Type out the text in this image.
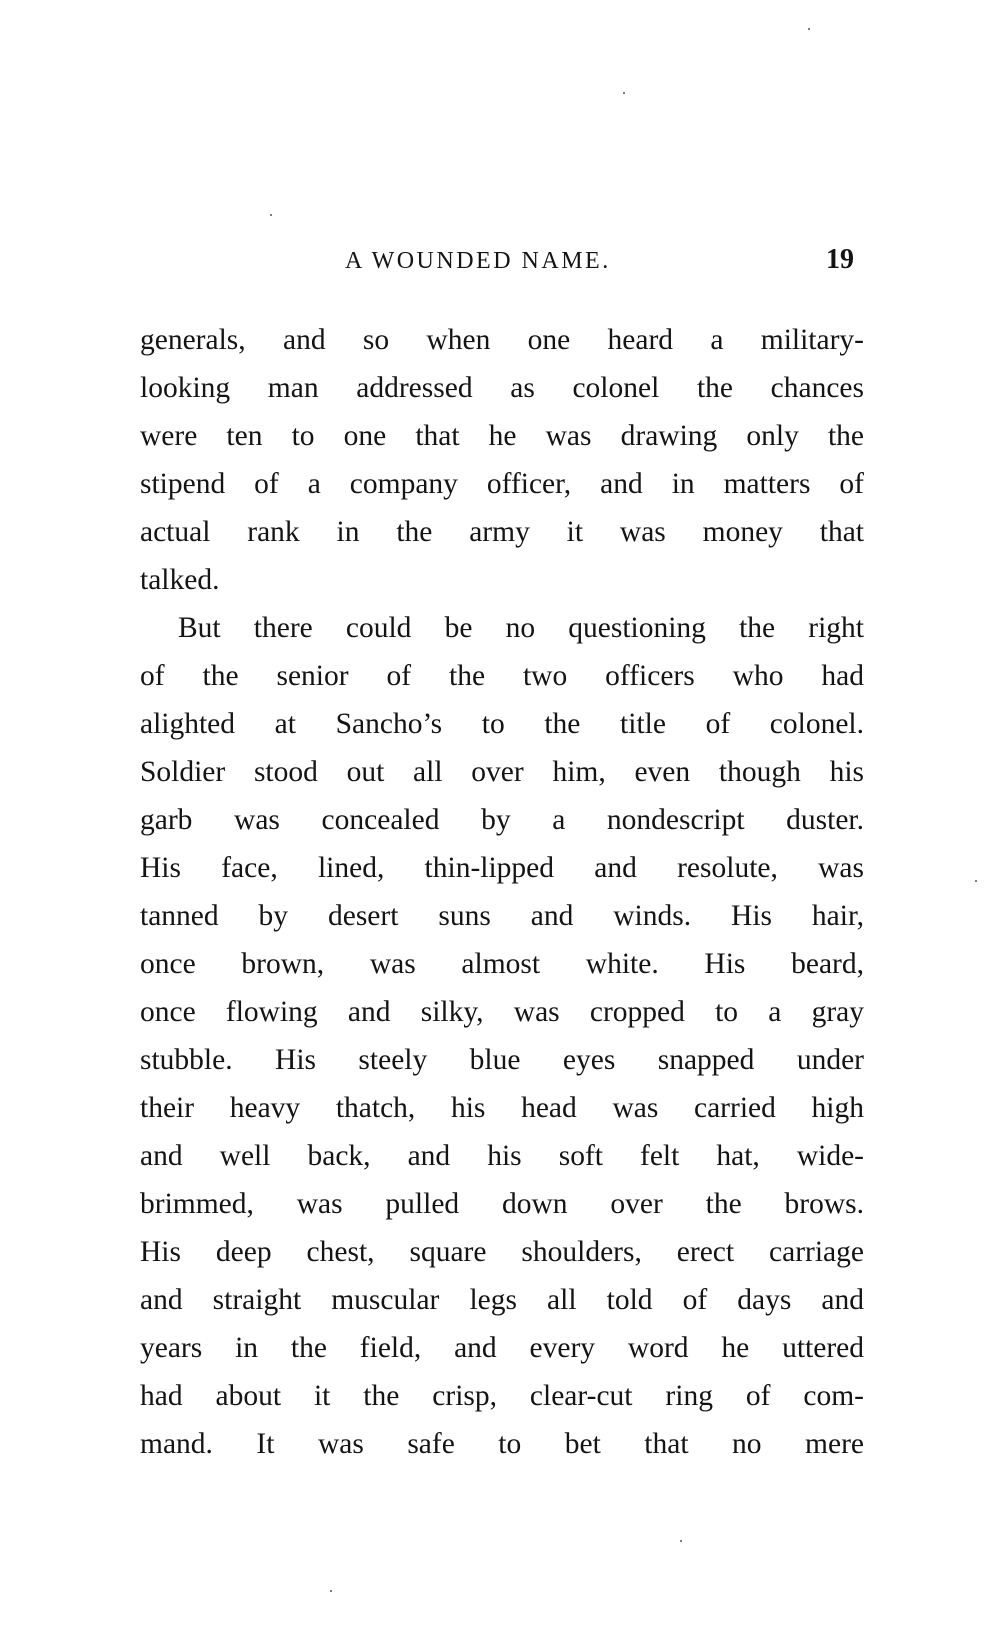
A WOUNDED NAME.	19
generals, and so when one heard a military-
looking man addressed as colonel the chances
were ten to one that he was drawing only the
stipend of a company officer, and in matters of
actual rank in the army it was money that
talked.
But there could be no questioning the right
of the senior of the two officers who had
alighted at Sancho’s to the title of colonel.
Soldier stood out all over him, even though his
garb was concealed by a nondescript duster.
His face, lined, thin-lipped and resolute, was
tanned by desert suns and winds. His hair,
once brown, was almost white. His beard,
once flowing and silky, was cropped to a gray
stubble. His steely blue eyes snapped under
their heavy thatch, his head was carried high
and well back, and his soft felt hat, wide-
brimmed, was pulled down over the brows.
His deep chest, square shoulders, erect carriage
and straight muscular legs all told of days and
years in the field, and every word he uttered
had about it the crisp, clear-cut ring of com-
mand. It was safe to bet that no mere
